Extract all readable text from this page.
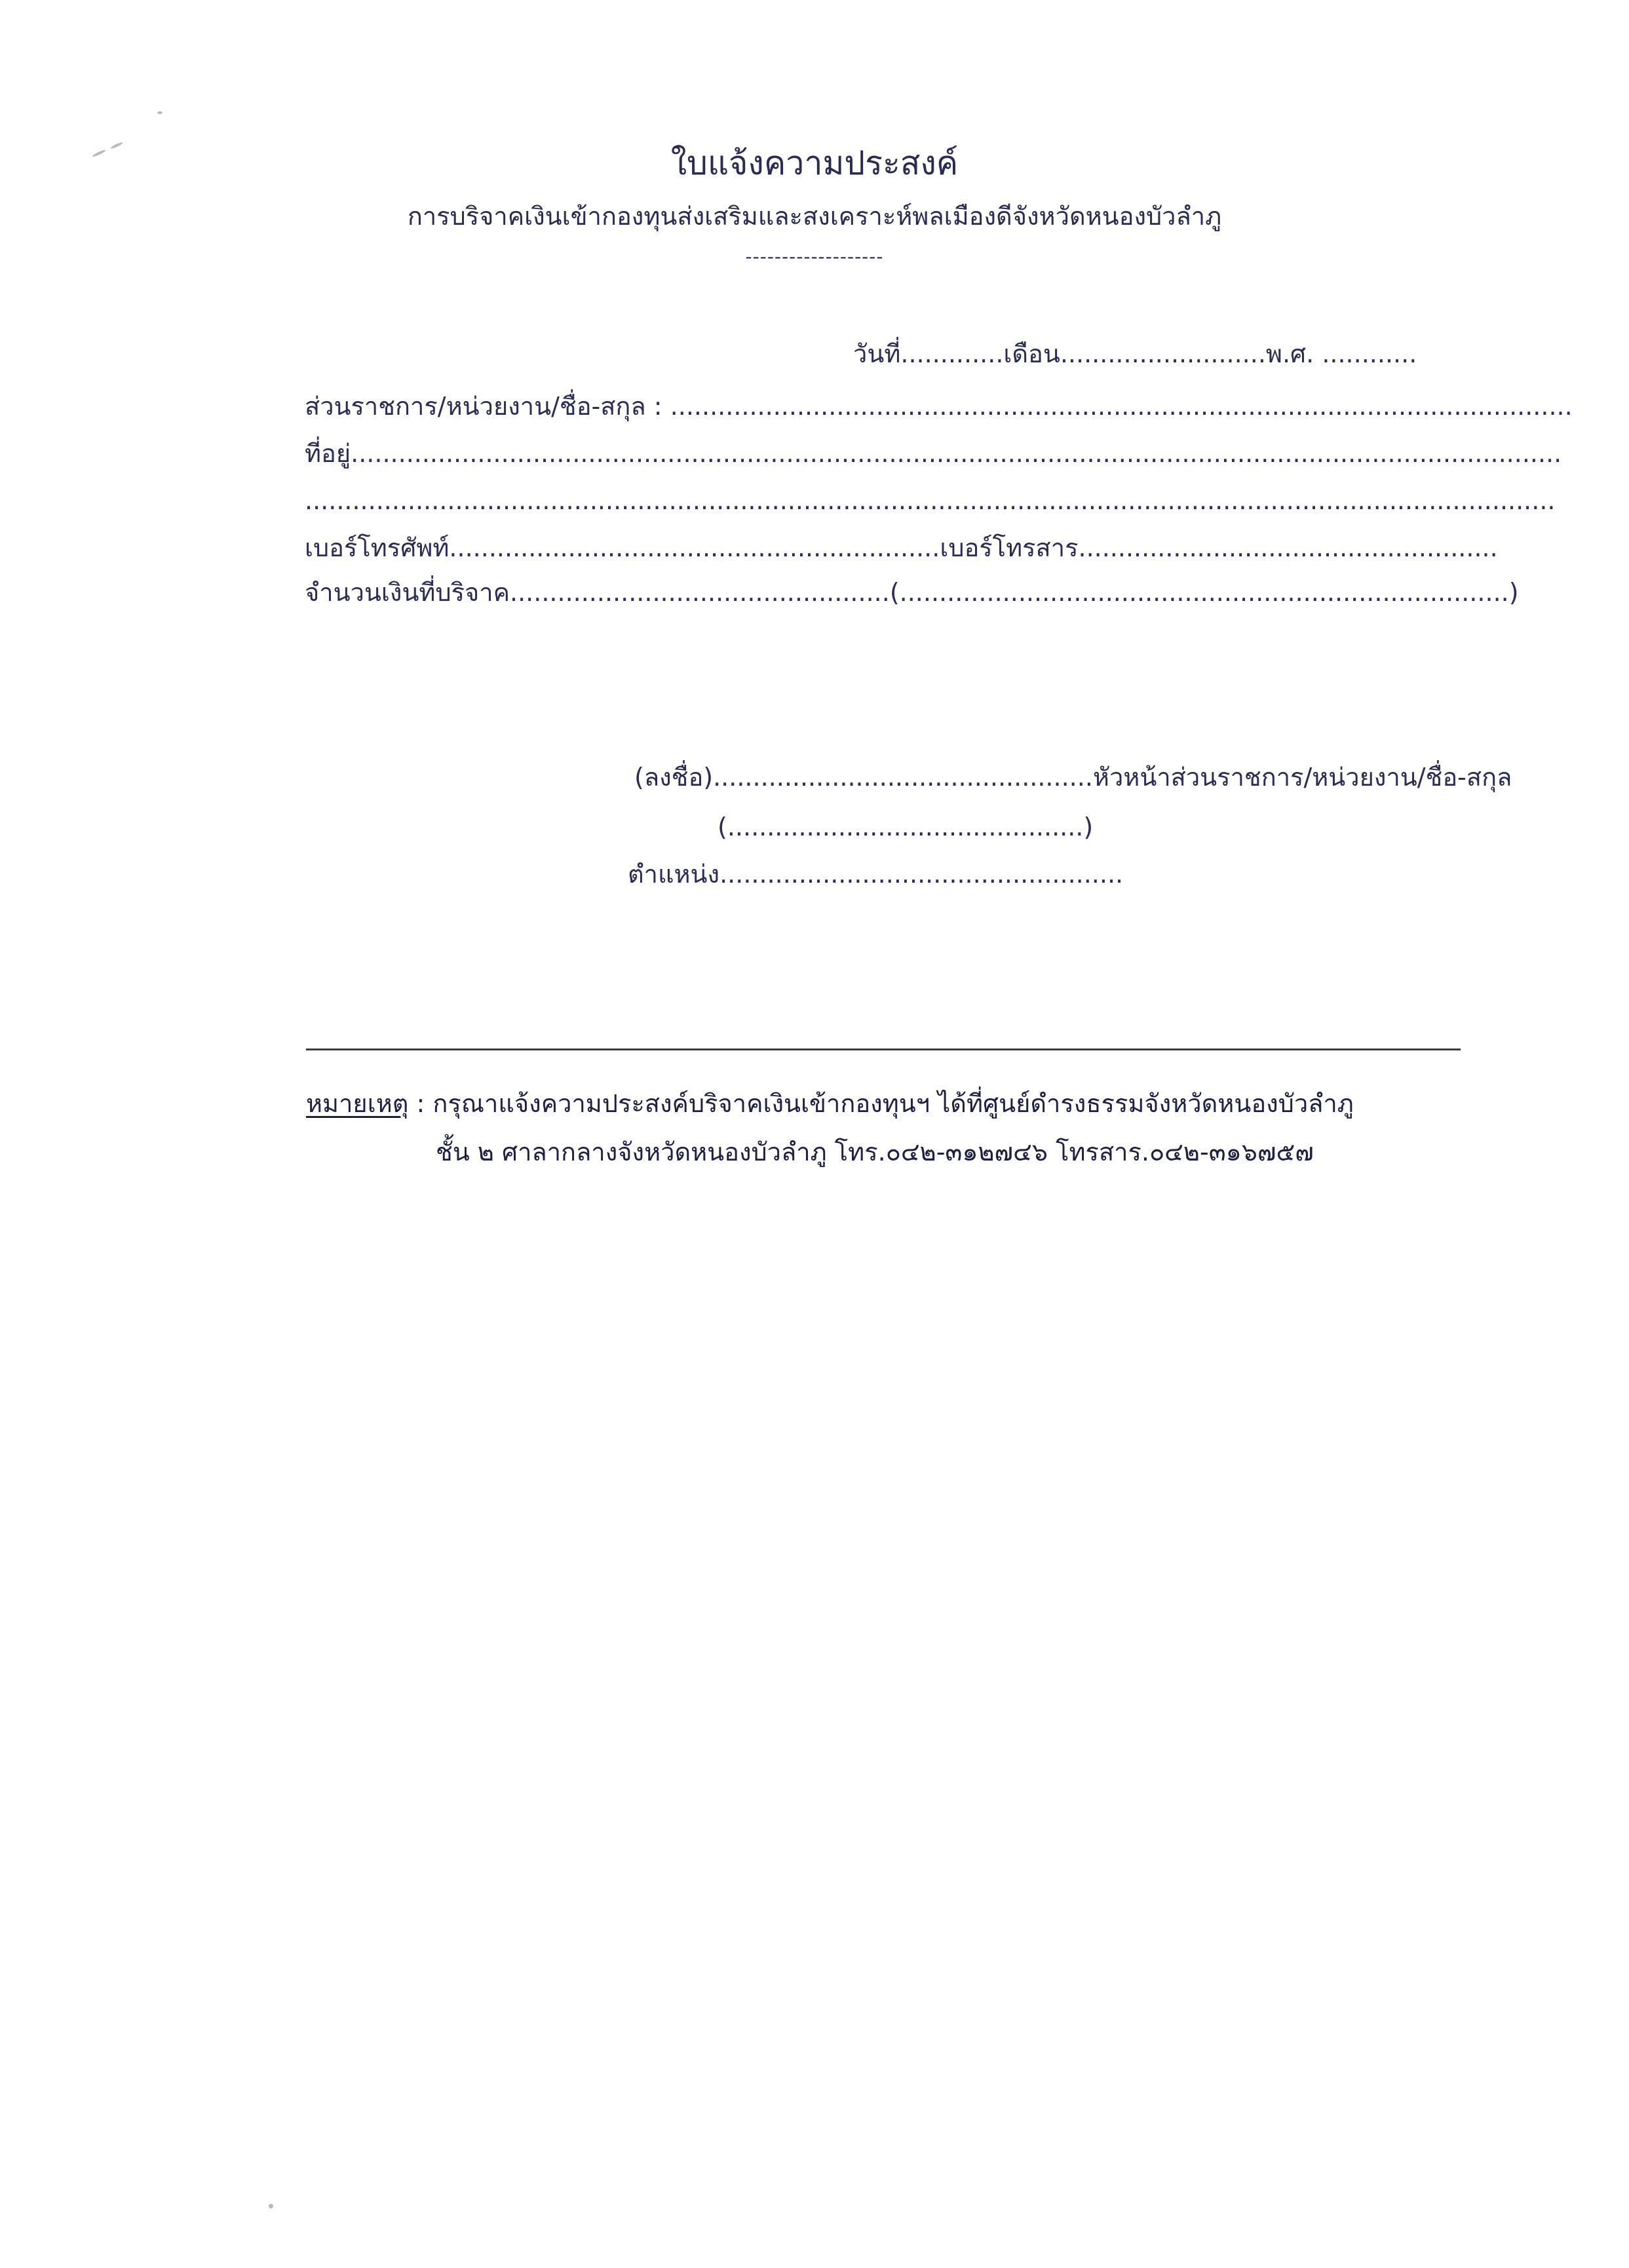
ใบแจ้งความประสงค์
การบริจาคเงินเข้ากองทุนส่งเสริมและสงเคราะห์พลเมืองดีจังหวัดหนองบัวลำภู
-------------------
วันที่.............เดือน..........................พ.ศ. ............
ส่วนราชการ/หน่วยงาน/ชื่อ-สกุล : ..................................................................................................................
ที่อยู่.........................................................................................................................................................
..............................................................................................................................................................
เบอร์โทรศัพท์..............................................................เบอร์โทรสาร.....................................................
จำนวนเงินที่บริจาค................................................(.............................................................................)
(ลงชื่อ)................................................หัวหน้าส่วนราชการ/หน่วยงาน/ชื่อ-สกุล
(.............................................)
ตำแหน่ง...................................................
หมายเหตุ : กรุณาแจ้งความประสงค์บริจาคเงินเข้ากองทุนฯ ได้ที่ศูนย์ดำรงธรรมจังหวัดหนองบัวลำภู
ชั้น ๒ ศาลากลางจังหวัดหนองบัวลำภู โทร.๐๔๒-๓๑๒๗๔๖ โทรสาร.๐๔๒-๓๑๖๗๕๗
